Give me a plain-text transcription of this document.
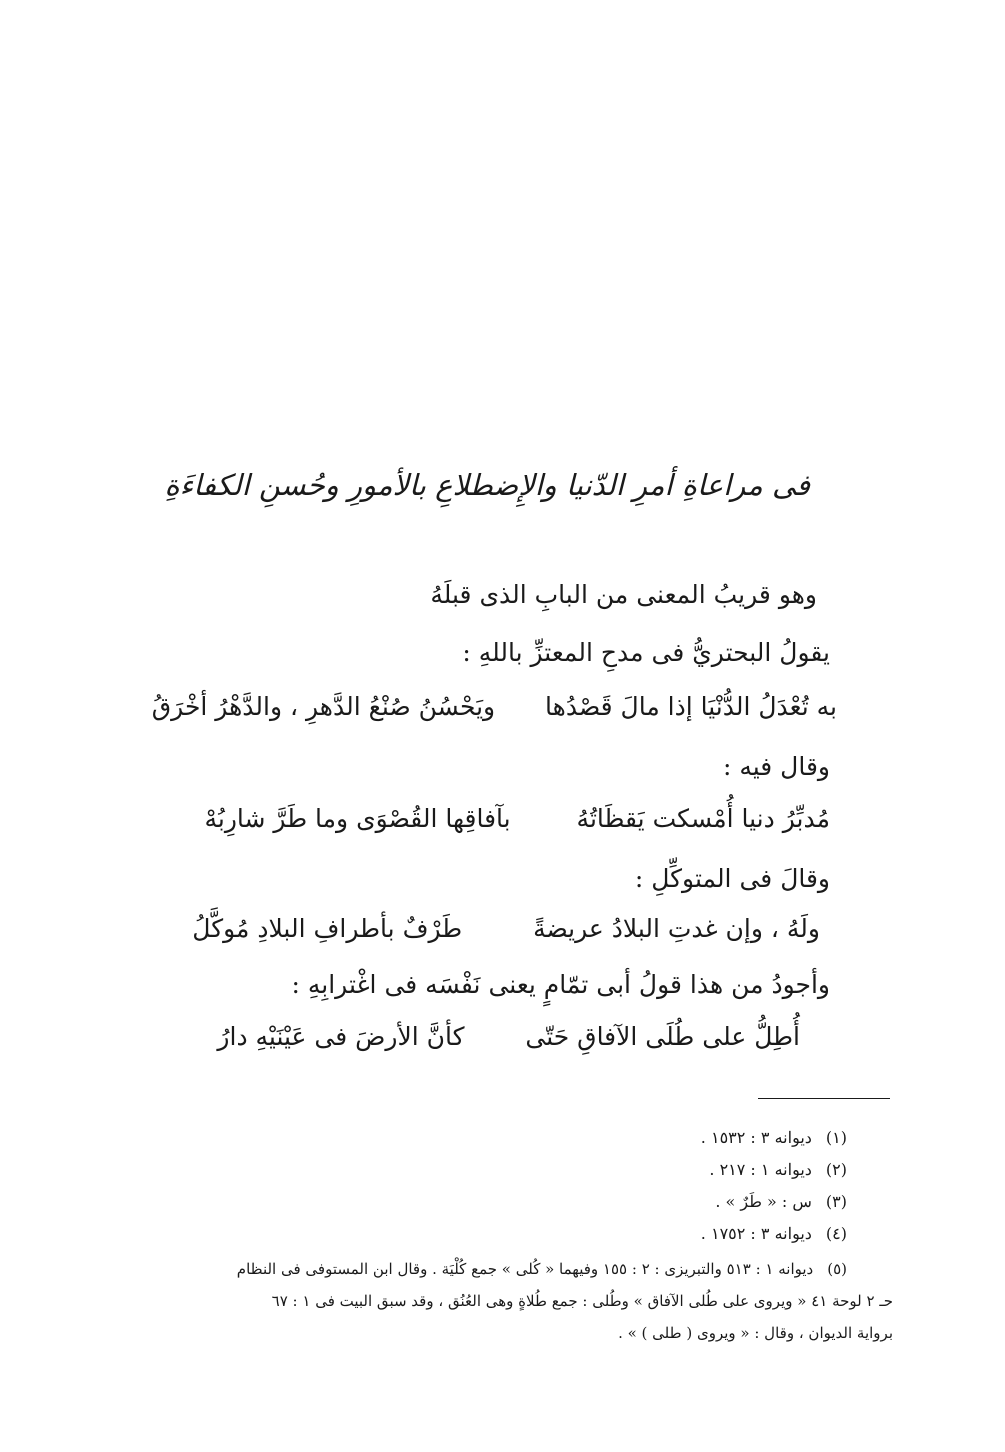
فى مراعاةِ أمرِ الدّنيا والإِضطلاعِ بالأمورِ وحُسنِ الكفاءَةِ
وهو قريبُ المعنى من البابِ الذى قبلَهُ
يقولُ البحتريُّ فى مدحِ المعتزِّ باللهِ :
به تُعْدَلُ الدُّنْيَا إذا مالَ قَصْدُها  ويَحْسُنُ صُنْعُ الدَّهرِ ، والدَّهْرُ أخْرَقُ
وقال فيه :
مُدبِّرُ دنيا أُمْسكت يَقظَاتُهُ  بآفاقِها القُصْوَى وما طَرَّ شارِبُهْ
وقالَ فى المتوكِّلِ :
ولَهُ ، وإن غدتِ البلادُ عريضةً  طَرْفٌ بأطرافِ البلادِ مُوكَّلُ
وأجودُ من هذا قولُ أبى تمّامٍ يعنى نَفْسَه فى اغْترابِهِ :
أُطِلُّ على طُلَى الآفاقِ حَتّى  كأنَّ الأرضَ فى عَيْنَيْهِ دارُ
(١)ديوانه ٣ : ١٥٣٢ .
(٢)ديوانه ١ : ٢١٧ .
(٣)س : « طَرٌ » .
(٤)ديوانه ٣ : ١٧٥٢ .
(٥)ديوانه ١ : ٥١٣ والتبريزى : ٢ : ١٥٥ وفيهما « كُلى » جمع كُلْيَة . وقال ابن المستوفى فى النظام
حـ ٢ لوحة ٤١ « ويروى على طُلى الآفاق » وطُلى : جمع طُلاةٍ وهى العُنُق ، وقد سبق البيت فى ١ : ٦٧
برواية الديوان ، وقال : « ويروى ( طلى ) » .
